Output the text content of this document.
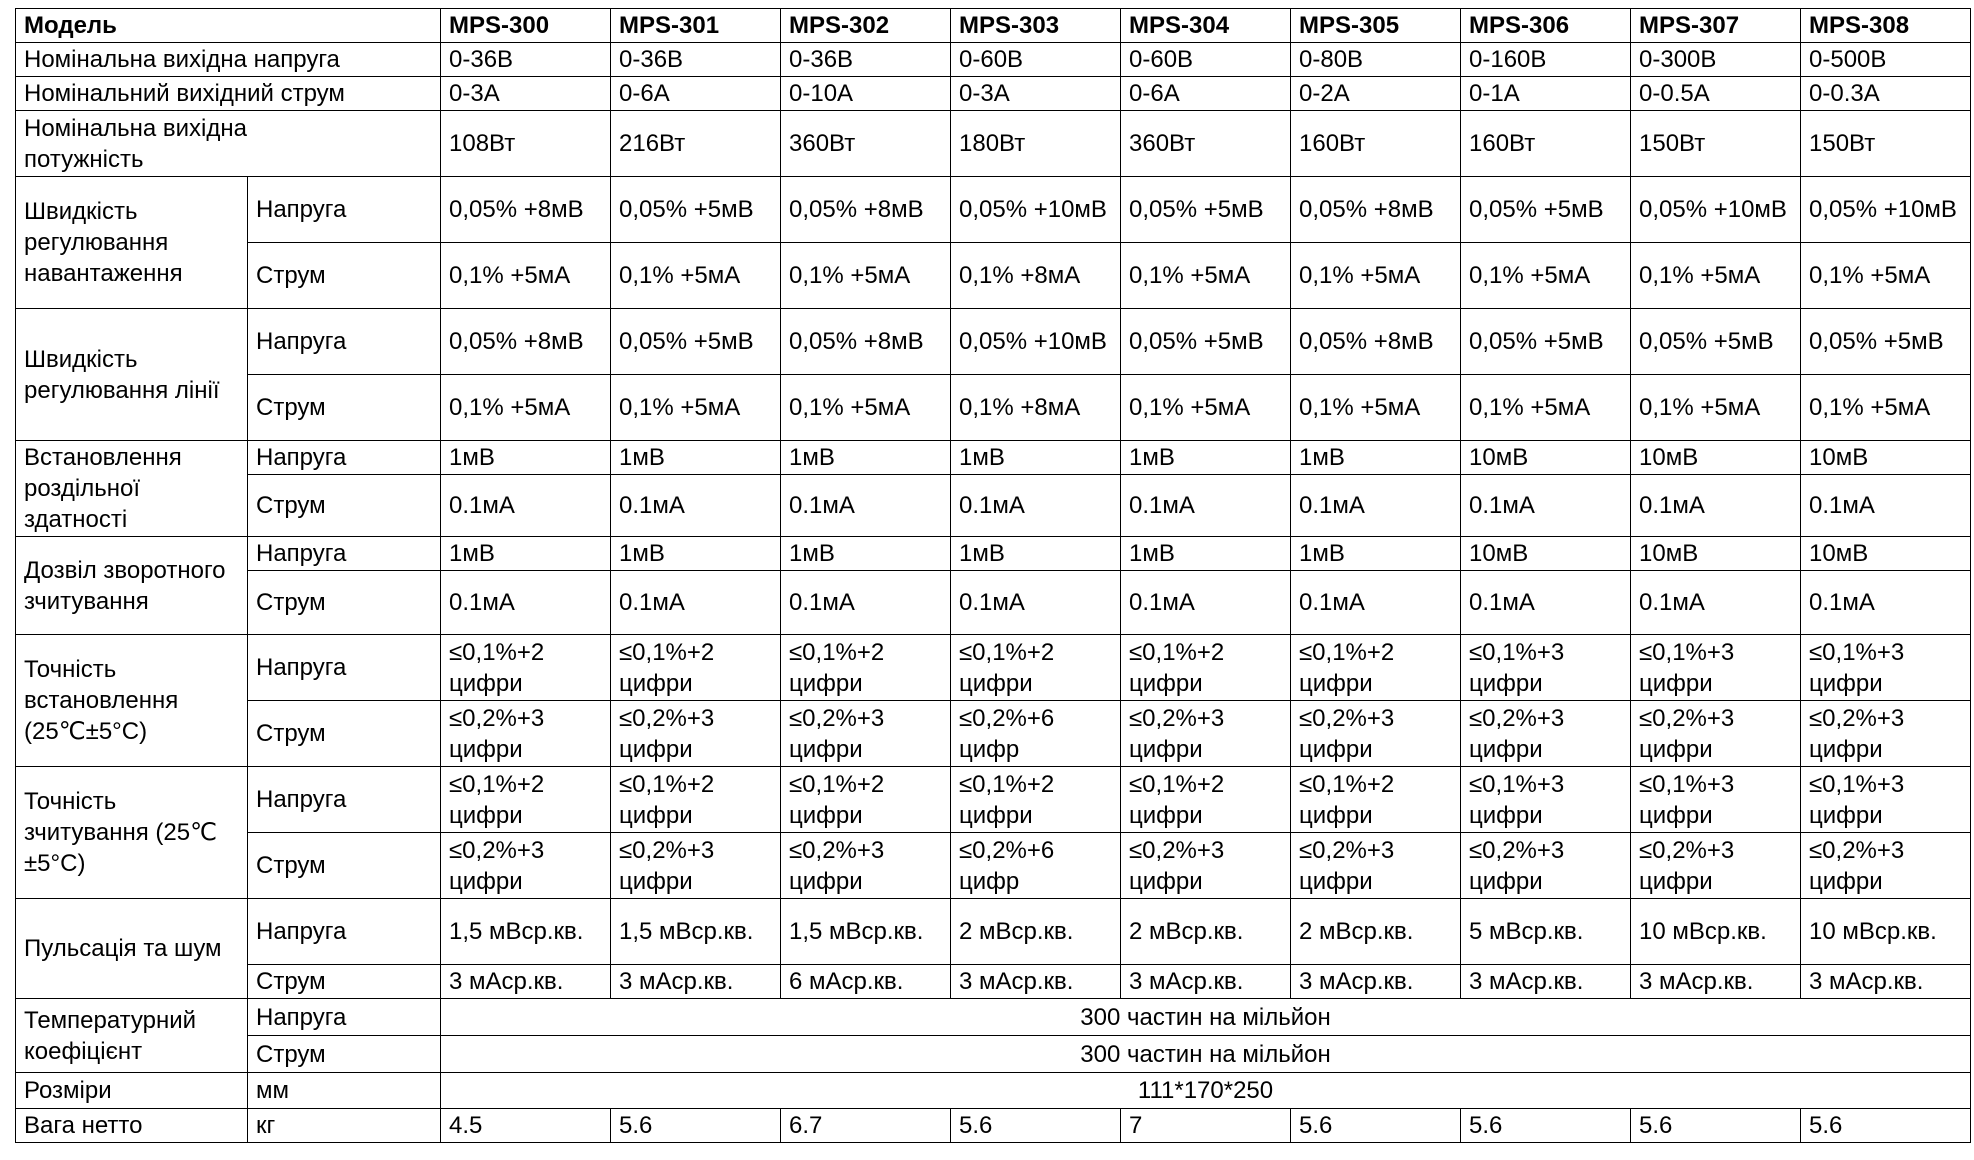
Модель		MPS-300	MPS-301	MPS-302	MPS-303	MPS-304	MPS-305	MPS-306	MPS-307	MPS-308
Номінальна вихідна напруга		0-36В	0-36В	0-36В	0-60В	0-60В	0-80В	0-160В	0-300В	0-500В
Номінальний вихідний струм		0-3А	0-6А	0-10А	0-3А	0-6А	0-2А	0-1А	0-0.5А	0-0.3А
Номінальна вихідна потужність		108Вт	216Вт	360Вт	180Вт	360Вт	160Вт	160Вт	150Вт	150Вт
Швидкість регулювання навантаження	Напруга	0,05% +8мВ	0,05% +5мВ	0,05% +8мВ	0,05% +10мВ	0,05% +5мВ	0,05% +8мВ	0,05% +5мВ	0,05% +10мВ	0,05% +10мВ
	Струм	0,1% +5мА	0,1% +5мА	0,1% +5мА	0,1% +8мА	0,1% +5мА	0,1% +5мА	0,1% +5мА	0,1% +5мА	0,1% +5мА
Швидкість регулювання лінії	Напруга	0,05% +8мВ	0,05% +5мВ	0,05% +8мВ	0,05% +10мВ	0,05% +5мВ	0,05% +8мВ	0,05% +5мВ	0,05% +5мВ	0,05% +5мВ
	Струм	0,1% +5мА	0,1% +5мА	0,1% +5мА	0,1% +8мА	0,1% +5мА	0,1% +5мА	0,1% +5мА	0,1% +5мА	0,1% +5мА
Встановлення роздільної здатності	Напруга	1мВ	1мВ	1мВ	1мВ	1мВ	1мВ	10мВ	10мВ	10мВ
	Струм	0.1мА	0.1мА	0.1мА	0.1мА	0.1мА	0.1мА	0.1мА	0.1мА	0.1мА
Дозвіл зворотного зчитування	Напруга	1мВ	1мВ	1мВ	1мВ	1мВ	1мВ	10мВ	10мВ	10мВ
	Струм	0.1мА	0.1мА	0.1мА	0.1мА	0.1мА	0.1мА	0.1мА	0.1мА	0.1мА
Точність встановлення (25℃±5°C)	Напруга	≤0,1%+2 цифри	≤0,1%+2 цифри	≤0,1%+2 цифри	≤0,1%+2 цифри	≤0,1%+2 цифри	≤0,1%+2 цифри	≤0,1%+3 цифри	≤0,1%+3 цифри	≤0,1%+3 цифри
	Струм	≤0,2%+3 цифри	≤0,2%+3 цифри	≤0,2%+3 цифри	≤0,2%+6 цифр	≤0,2%+3 цифри	≤0,2%+3 цифри	≤0,2%+3 цифри	≤0,2%+3 цифри	≤0,2%+3 цифри
Точність зчитування (25℃±5°C)	Напруга	≤0,1%+2 цифри	≤0,1%+2 цифри	≤0,1%+2 цифри	≤0,1%+2 цифри	≤0,1%+2 цифри	≤0,1%+2 цифри	≤0,1%+3 цифри	≤0,1%+3 цифри	≤0,1%+3 цифри
	Струм	≤0,2%+3 цифри	≤0,2%+3 цифри	≤0,2%+3 цифри	≤0,2%+6 цифр	≤0,2%+3 цифри	≤0,2%+3 цифри	≤0,2%+3 цифри	≤0,2%+3 цифри	≤0,2%+3 цифри
Пульсація та шум	Напруга	1,5 мВср.кв.	1,5 мВср.кв.	1,5 мВср.кв.	2 мВср.кв.	2 мВср.кв.	2 мВср.кв.	5 мВср.кв.	10 мВср.кв.	10 мВср.кв.
	Струм	3 мАср.кв.	3 мАср.кв.	6 мАср.кв.	3 мАср.кв.	3 мАср.кв.	3 мАср.кв.	3 мАср.кв.	3 мАср.кв.	3 мАср.кв.
Температурний коефіцієнт	Напруга	300 частин на мільйон								
	Струм	300 частин на мільйон								
Розміри	мм	111*170*250								
Вага нетто	кг	4.5	5.6	6.7	5.6	7	5.6	5.6	5.6	5.6
